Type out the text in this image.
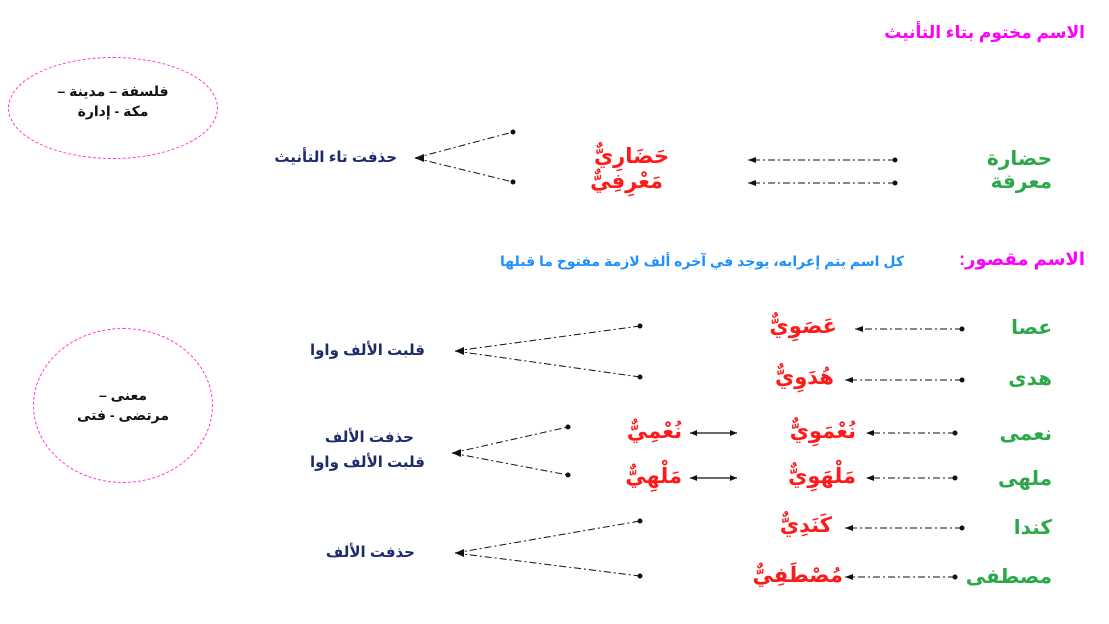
الاسم مختوم بتاء التأنيث
حضارة
معرفة
حَضَارِيٌّ
مَعْرِفِيٌّ
حذفت تاء التأنيث
فلسفة – مدينة –
مكة - إدارة
الاسم مقصور:
كل اسم يتم إعرابه، يوجد في آخره ألف لازمة مفتوح ما قبلها
عصا
هدى
نعمى
ملهى
كندا
مصطفى
عَصَوِيٌّ
هُدَوِيٌّ
نُعْمَوِيٌّ
مَلْهَوِيٌّ
كَنَدِيٌّ
مُصْطَفِيٌّ
نُعْمِيٌّ
مَلْهِيٌّ
قلبت الألف واوا
حذفت الألف
قلبت الألف واوا
حذفت الألف
معنى –
مرتضى - فتى
